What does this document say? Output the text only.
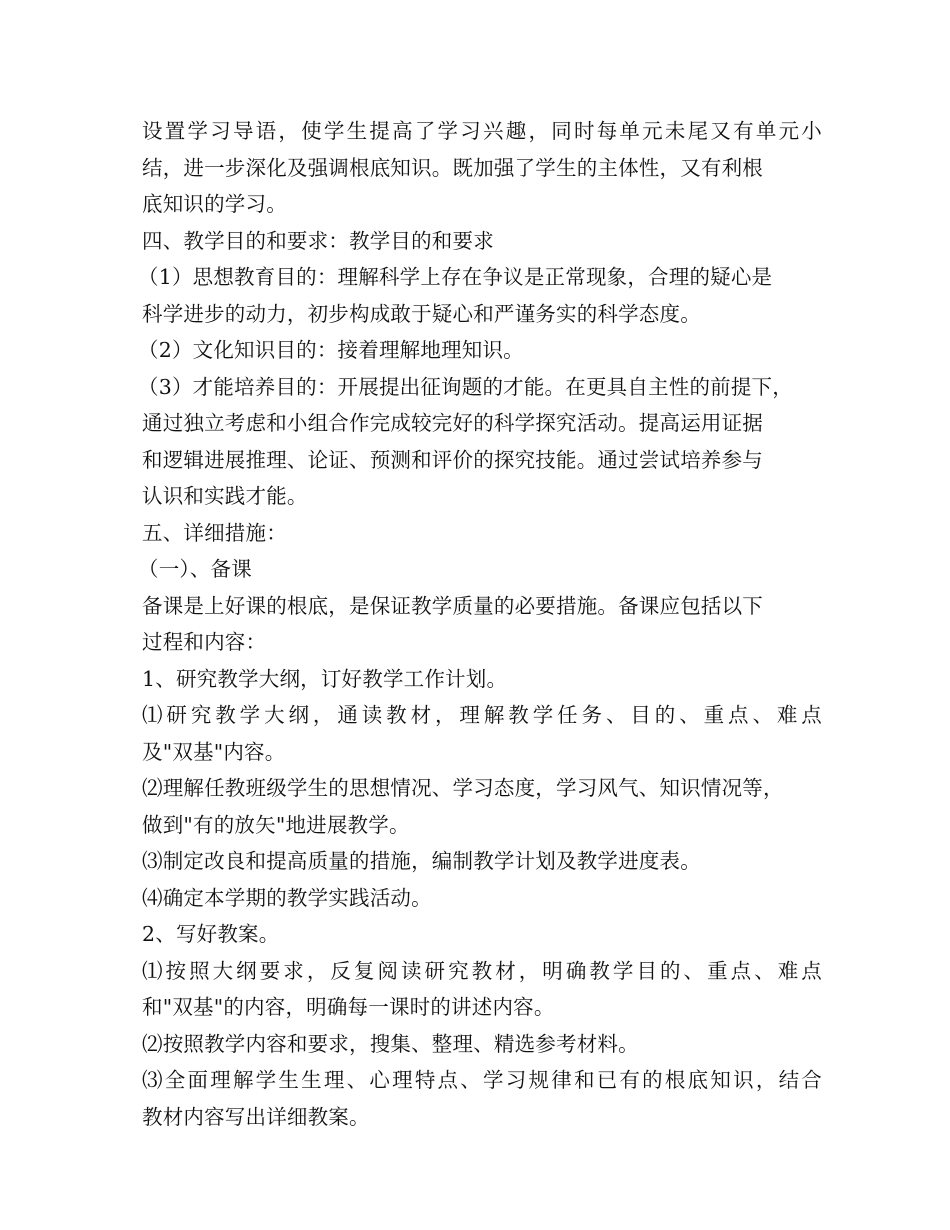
设置学习导语，使学生提高了学习兴趣，同时每单元未尾又有单元小
结，进一步深化及强调根底知识。既加强了学生的主体性，又有利根
底知识的学习。
四、教学目的和要求：教学目的和要求
（1）思想教育目的：理解科学上存在争议是正常现象，合理的疑心是
科学进步的动力，初步构成敢于疑心和严谨务实的科学态度。
（2）文化知识目的：接着理解地理知识。
（3）才能培养目的：开展提出征询题的才能。在更具自主性的前提下，
通过独立考虑和小组合作完成较完好的科学探究活动。提高运用证据
和逻辑进展推理、论证、预测和评价的探究技能。通过尝试培养参与
认识和实践才能。
五、详细措施：
（一）、备课
备课是上好课的根底，是保证教学质量的必要措施。备课应包括以下
过程和内容：
1、研究教学大纲，订好教学工作计划。
⑴研究教学大纲，通读教材，理解教学任务、目的、重点、难点
及"双基"内容。
⑵理解任教班级学生的思想情况、学习态度，学习风气、知识情况等，
做到"有的放矢"地进展教学。
⑶制定改良和提高质量的措施，编制教学计划及教学进度表。
⑷确定本学期的教学实践活动。
2、写好教案。
⑴按照大纲要求，反复阅读研究教材，明确教学目的、重点、难点
和"双基"的内容，明确每一课时的讲述内容。
⑵按照教学内容和要求，搜集、整理、精选参考材料。
⑶全面理解学生生理、心理特点、学习规律和已有的根底知识，结合
教材内容写出详细教案。
